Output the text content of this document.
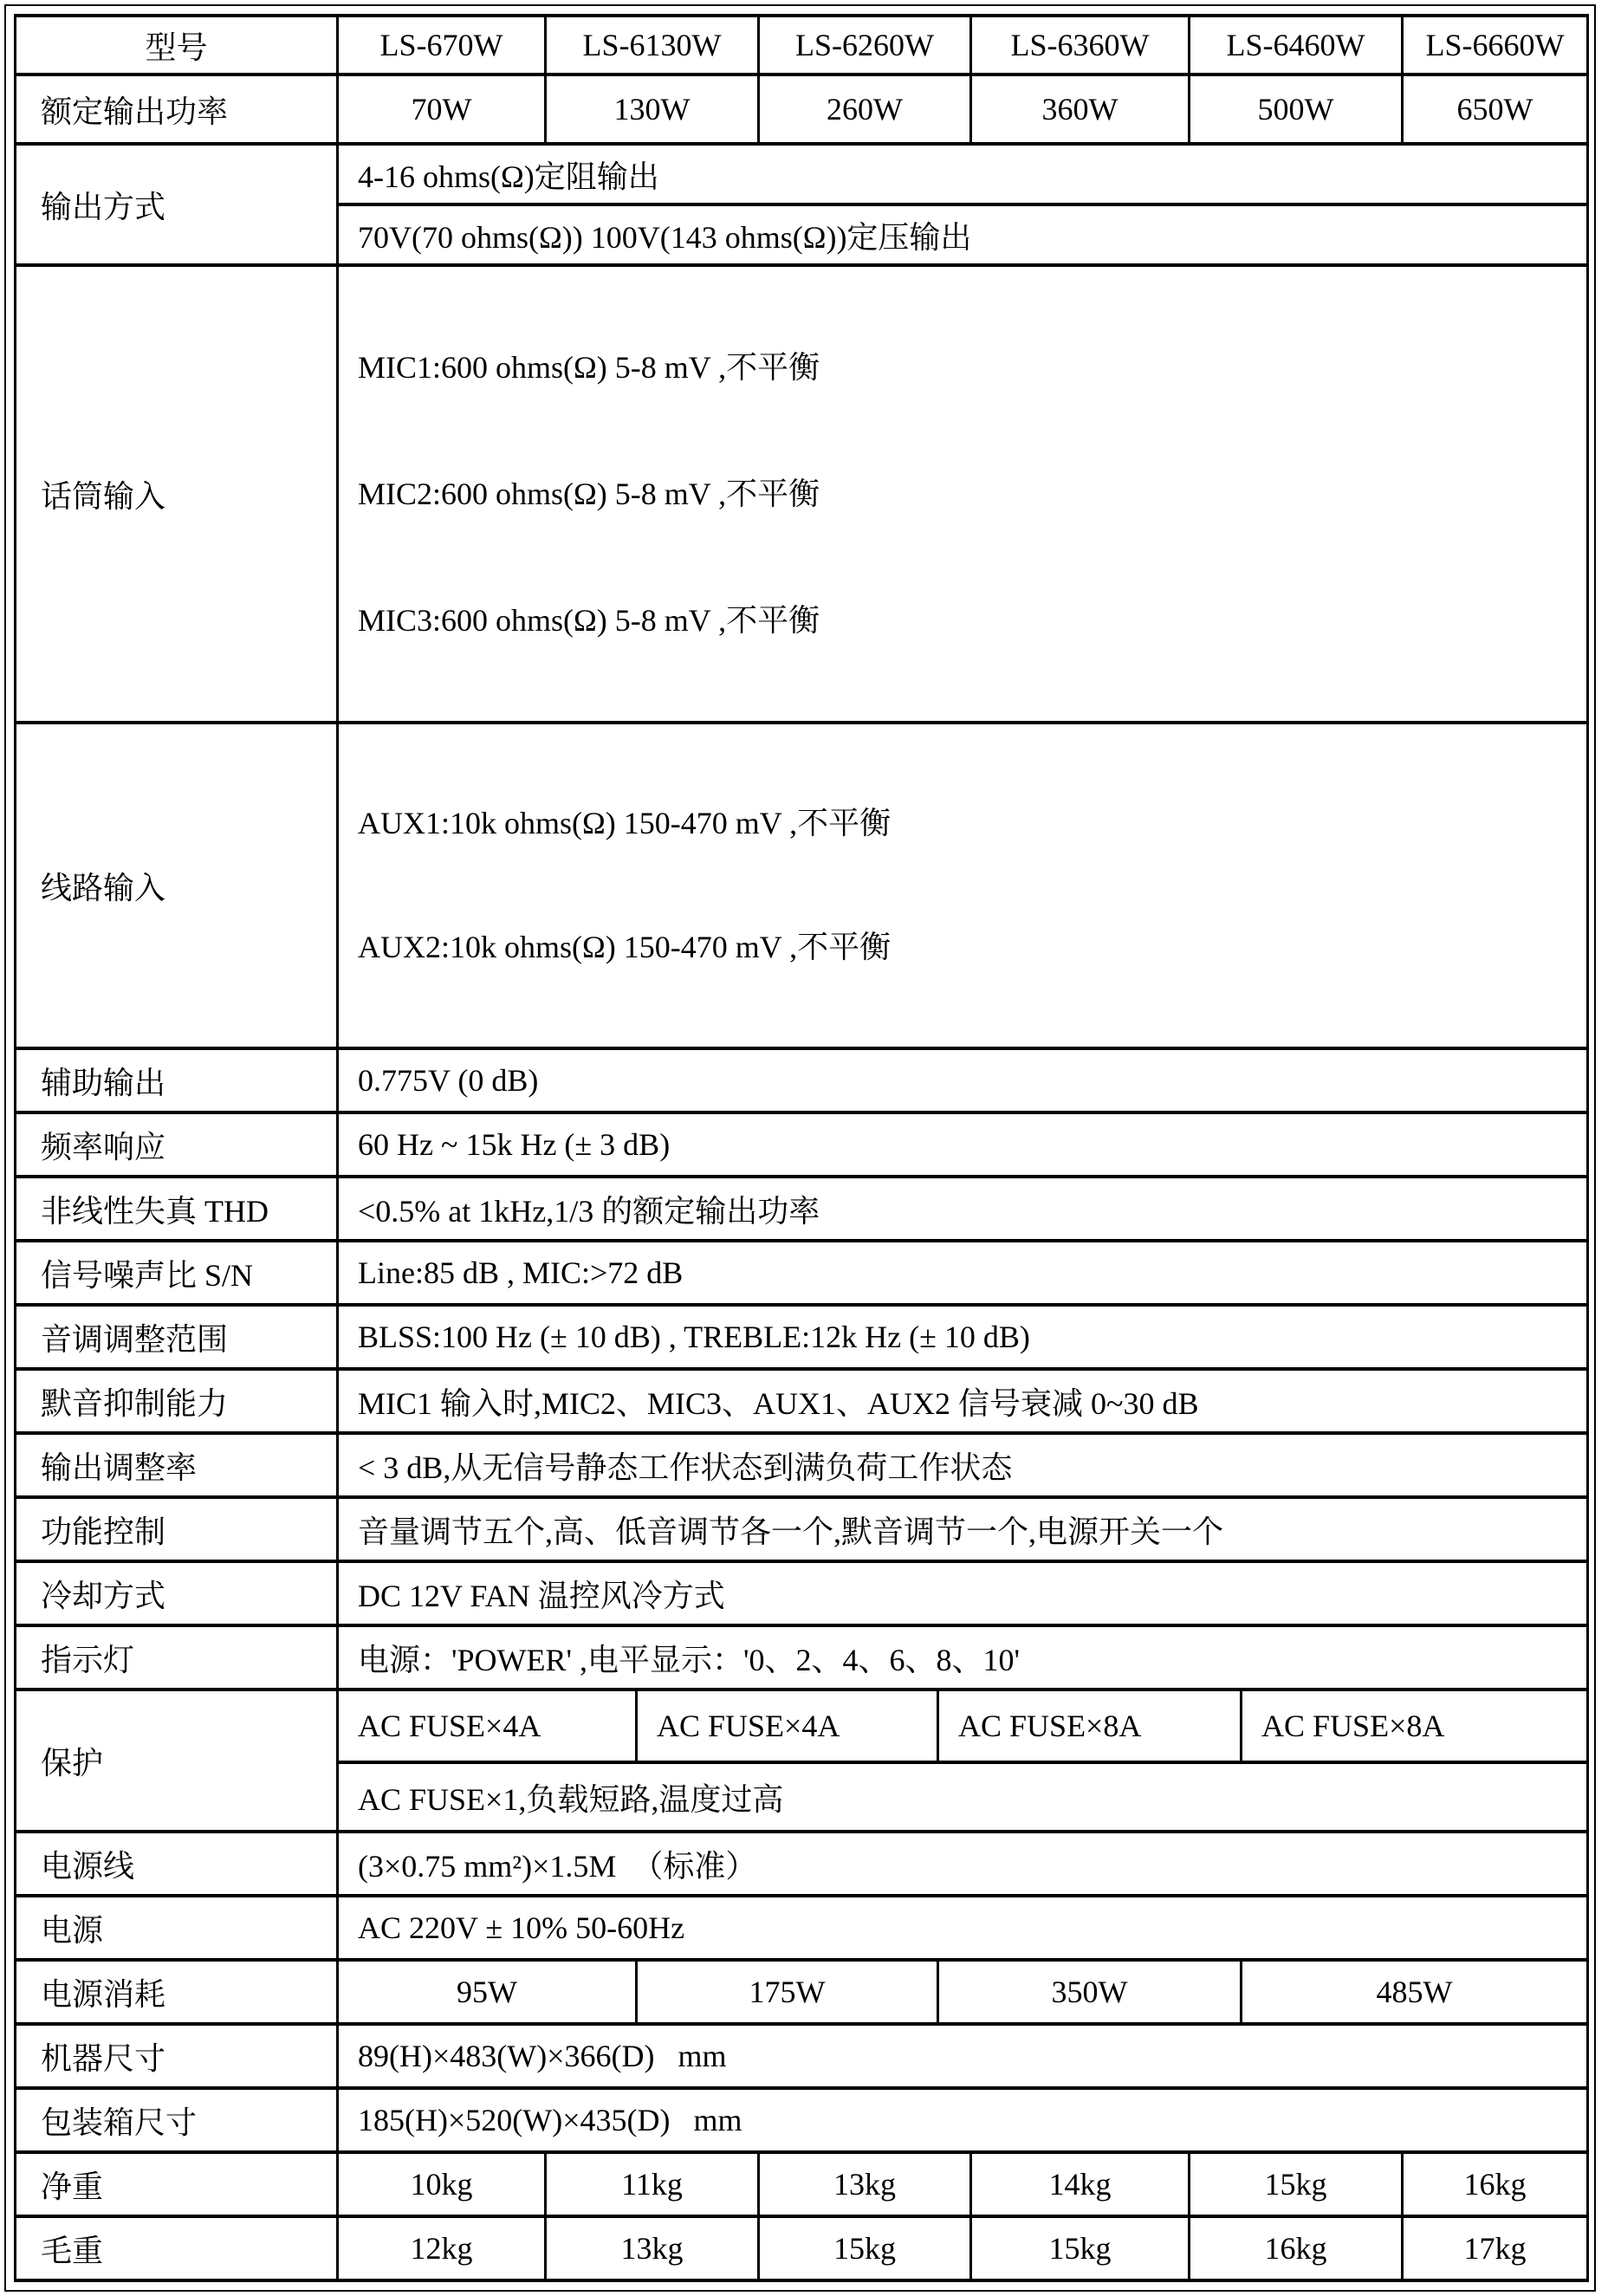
型号	LS-670W	LS-6130W		LS-6260W		LS-6360W	LS-6460W		LS-6660W
额定输出功率	70W	130W		260W		360W	500W		650W
输出方式	4-16 ohms(Ω)定阻输出								
	70V(70 ohms(Ω)) 100V(143 ohms(Ω))定压输出								
话筒输入	MIC1:600 ohms(Ω) 5-8 mV ,不平衡

MIC2:600 ohms(Ω) 5-8 mV ,不平衡

MIC3:600 ohms(Ω) 5-8 mV ,不平衡								

线路输入	AUX1:10k ohms(Ω) 150-470 mV ,不平衡

AUX2:10k ohms(Ω) 150-470 mV ,不平衡								

辅助输出	0.775V (0 dB)								
频率响应	60 Hz ~ 15k Hz (± 3 dB)								
非线性失真 THD	<0.5% at 1kHz,1/3 的额定输出功率								
信号噪声比 S/N	Line:85 dB , MIC:>72 dB								
音调调整范围	BLSS:100 Hz (± 10 dB) , TREBLE:12k Hz (± 10 dB)								
默音抑制能力	MIC1 输入时,MIC2、MIC3、AUX1、AUX2 信号衰减 0~30 dB								
输出调整率	< 3 dB,从无信号静态工作状态到满负荷工作状态								
功能控制	音量调节五个,高、低音调节各一个,默音调节一个,电源开关一个								
冷却方式	DC 12V FAN 温控风冷方式								
指示灯	电源：'POWER' ,电平显示：'0、2、4、6、8、10'								
保护	AC FUSE×4A		AC FUSE×4A		AC FUSE×8A			AC FUSE×8A	
	AC FUSE×1,负载短路,温度过高								
电源线	(3×0.75 mm²)×1.5M  （标准）								
电源	AC 220V ± 10% 50-60Hz								
电源消耗	95W		175W		350W			485W	
机器尺寸	89(H)×483(W)×366(D)   mm								
包装箱尺寸	185(H)×520(W)×435(D)   mm								
净重	10kg	11kg		13kg		14kg	15kg		16kg
毛重	12kg	13kg		15kg		15kg	16kg		17kg
